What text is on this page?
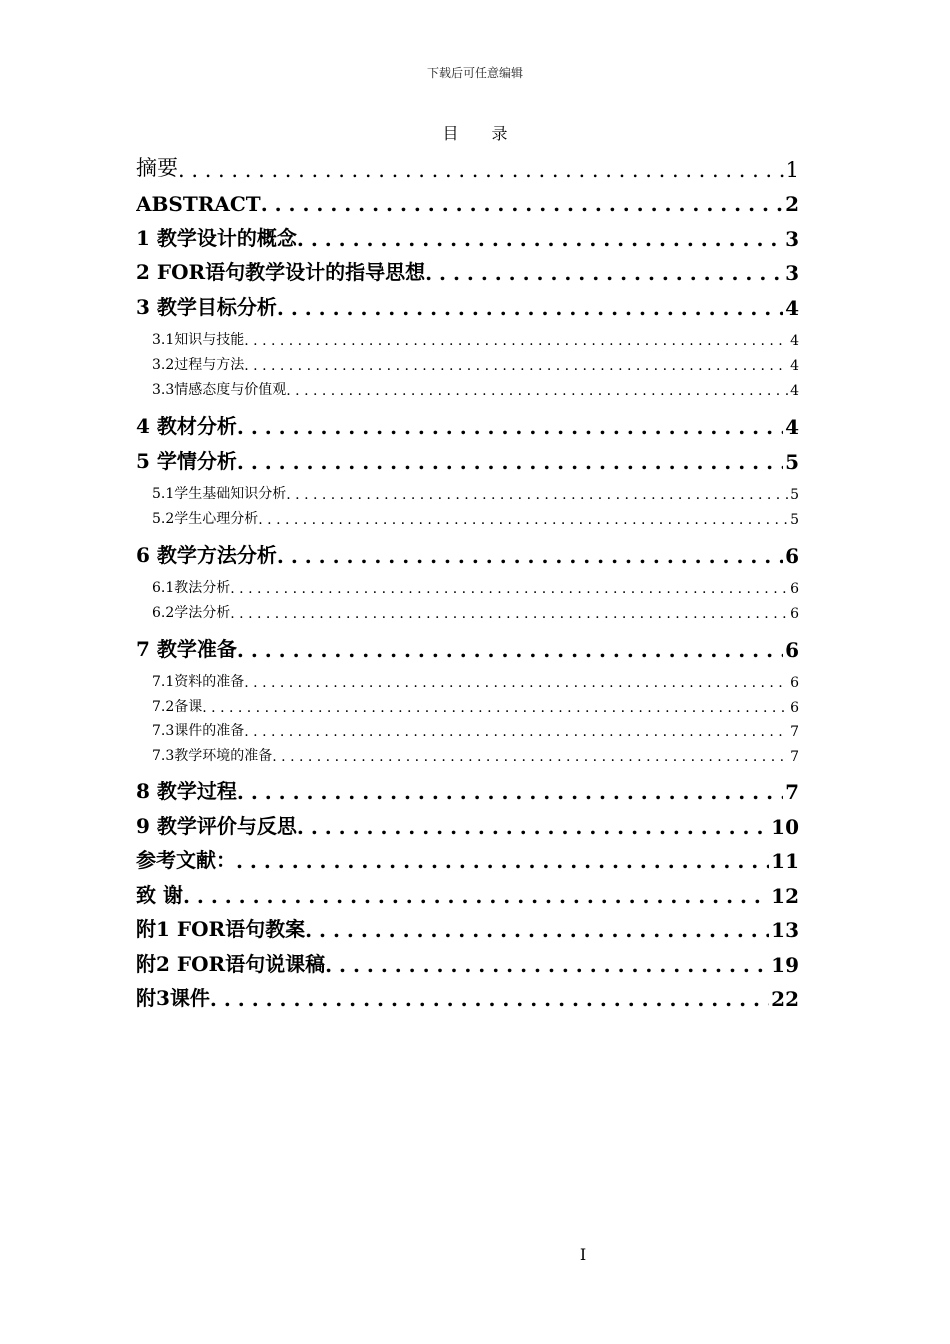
下载后可任意编辑
目 录
摘要 . . .	1
ABSTRACT . . .	2
1 教学设计的概念 . . .	3
2 FOR语句教学设计的指导思想 . . .	3
3 教学目标分析 . . .	4
3.1知识与技能 . . .	4
3.2过程与方法 . . .	4
3.3情感态度与价值观 . . .	4
4 教材分析 . . .	4
5 学情分析 . . .	5
5.1学生基础知识分析 . . .	5
5.2学生心理分析 . . .	5
6 教学方法分析 . . .	6
6.1教法分析 . . .	6
6.2学法分析 . . .	6
7 教学准备 . . .	6
7.1资料的准备 . . .	6
7.2备课 . . .	6
7.3课件的准备 . . .	7
7.3教学环境的准备 . . .	7
8 教学过程 . . .	7
9 教学评价与反思 . . .	10
参考文献： . . .	11
致 谢 . . .	12
附1 FOR语句教案 . . .	13
附2 FOR语句说课稿 . . .	19
附3课件 . . .	22
I
